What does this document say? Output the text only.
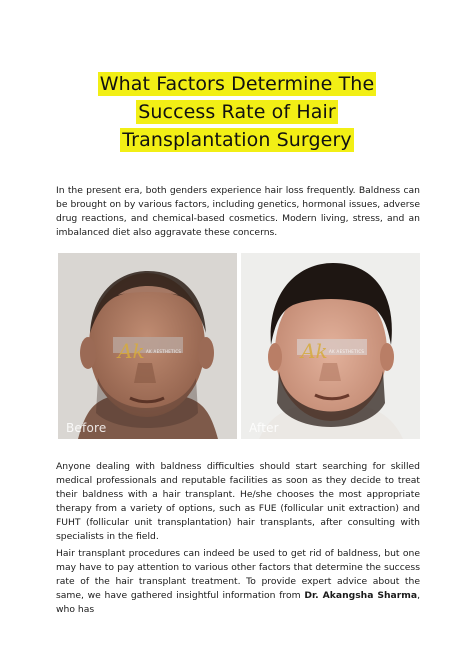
What Factors Determine The
Success Rate of Hair
Transplantation Surgery

In the present era, both genders experience hair loss frequently. Baldness can be brought on by various factors, including genetics, hormonal issues, adverse drug reactions, and chemical-based cosmetics. Modern living, stress, and an imbalanced diet also aggravate these concerns.

Ak AK AESTHETICS
Before
Ak AK AESTHETICS
After

Anyone dealing with baldness difficulties should start searching for skilled medical professionals and reputable facilities as soon as they decide to treat their baldness with a hair transplant. He/she chooses the most appropriate therapy from a variety of options, such as FUE (follicular unit extraction) and FUHT (follicular unit transplantation) hair transplants, after consulting with specialists in the field.

Hair transplant procedures can indeed be used to get rid of baldness, but one may have to pay attention to various other factors that determine the success rate of the hair transplant treatment. To provide expert advice about the same, we have gathered insightful information from Dr. Akangsha Sharma, who has
